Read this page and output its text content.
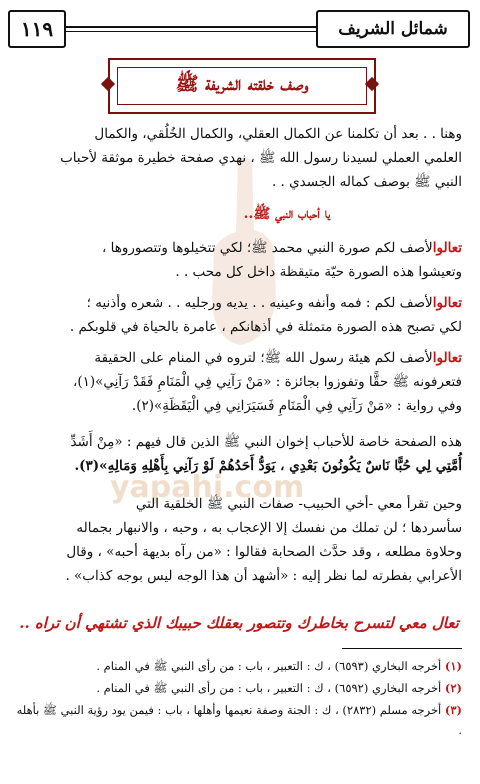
شمائل الشريف
١١٩
وصف خلقته الشريفة ﷺ
yapahi.com
وهنا . . بعد أن تكلمنا عن الكمال العقلي، والكمال الخُلُقي، والكمال
العلمي العملي لسيدنا رسول الله ﷺ ، نهدي صفحة خطيرة موثقة لأحباب
النبي ﷺ بوصف كماله الجسدي . .
يا أحباب النبي ﷺ..
تعالوالأصف لكم صورة النبي محمد ﷺ؛ لكي تتخيلوها وتتصوروها ،
وتعيشوا هذه الصورة حيّة متيقظة داخل كل محب . .
تعالوالأصف لكم : فمه وأنفه وعينيه . . يديه ورجليه . . شعره وأذنيه ؛
لكي تصبح هذه الصورة متمثلة في أذهانكم ، عامرة بالحياة في قلوبكم .
تعالوالأصف لكم هيئة رسول الله ﷺ؛ لتروه في المنام على الحقيقة
فتعرفونه ﷺ حقًّا وتفوزوا بجائزة : «مَنْ رَآنِي فِي الْمَنَامِ فَقَدْ رَآنِي»(١)،
وفي رواية : «مَنْ رَآنِي فِي الْمَنَامِ فَسَيَرَانِي فِي الْيَقَظَةِ»(٢).
هذه الصفحة خاصة للأحباب إخوان النبي ﷺ الذين قال فيهم : «مِنْ أَشَدِّ
أُمَّتِي لِي حُبًّا نَاسٌ يَكُونُونَ بَعْدِي ، يَوَدُّ أَحَدُهُمْ لَوْ رَآنِي بِأَهْلِهِ وَمَالِهِ»(٣).
وحين تقرأ معي -أخي الحبيب- صفات النبي ﷺ الخلقية التي
سأسردها ؛ لن تملك من نفسك إلا الإعجاب به ، وحبه ، والانبهار بجماله
وحلاوة مطلعه ، وقد حدَّث الصحابة فقالوا : «من رآه بديهة أحبه» ، وقال
الأعرابي بفطرته لما نظر إليه : «أشهد أن هذا الوجه ليس بوجه كذاب» .
تعال معي لتسرح بخاطرك وتتصور بعقلك حبيبك الذي تشتهي أن تراه ..
(١) أخرجه البخاري (٦٥٩٣) ، ك : التعبير ، باب : من رأى النبي ﷺ في المنام .
(٢) أخرجه البخاري (٦٥٩٢) ، ك : التعبير ، باب : من رأى النبي ﷺ في المنام .
(٣) أخرجه مسلم (٢٨٣٢) ، ك : الجنة وصفة نعيمها وأهلها ، باب : فيمن يود رؤية النبي ﷺ بأهله .
